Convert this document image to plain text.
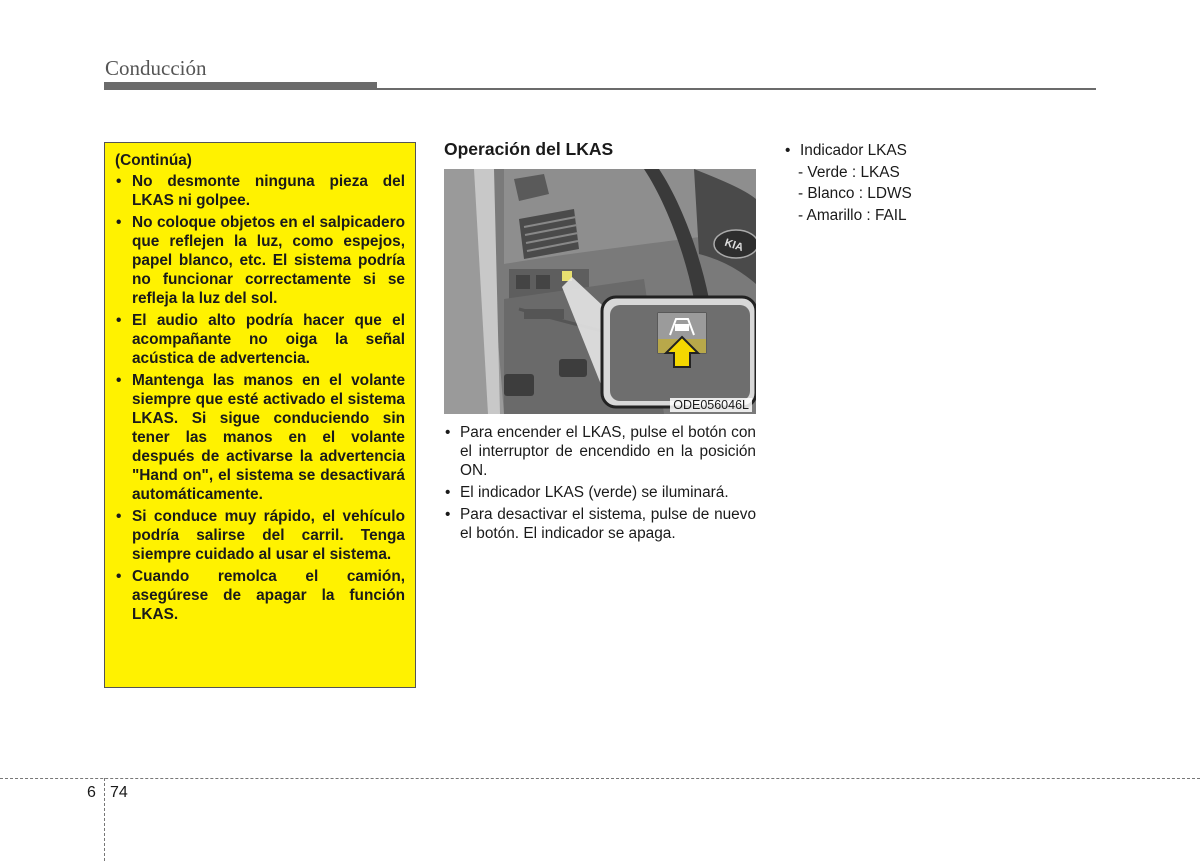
Conducción
(Continúa)
• No desmonte ninguna pieza del LKAS ni golpee.
• No coloque objetos en el salpicadero que reflejen la luz, como espejos, papel blanco, etc. El sistema podría no funcionar correctamente si se refleja la luz del sol.
• El audio alto podría hacer que el acompañante no oiga la señal acústica de advertencia.
• Mantenga las manos en el volante siempre que esté activado el sistema LKAS. Si sigue conduciendo sin tener las manos en el volante después de activarse la advertencia "Hand on", el sistema se desactivará automáticamente.
• Si conduce muy rápido, el vehículo podría salirse del carril. Tenga siempre cuidado al usar el sistema.
• Cuando remolca el camión, asegúrese de apagar la función LKAS.
Operación del LKAS
KIA
ODE056046L
• Para encender el LKAS, pulse el botón con el interruptor de encendido en la posición ON.
• El indicador LKAS (verde) se iluminará.
• Para desactivar el sistema, pulse de nuevo el botón. El indicador se apaga.
• Indicador LKAS
- Verde : LKAS
- Blanco : LDWS
- Amarillo : FAIL
6 74
